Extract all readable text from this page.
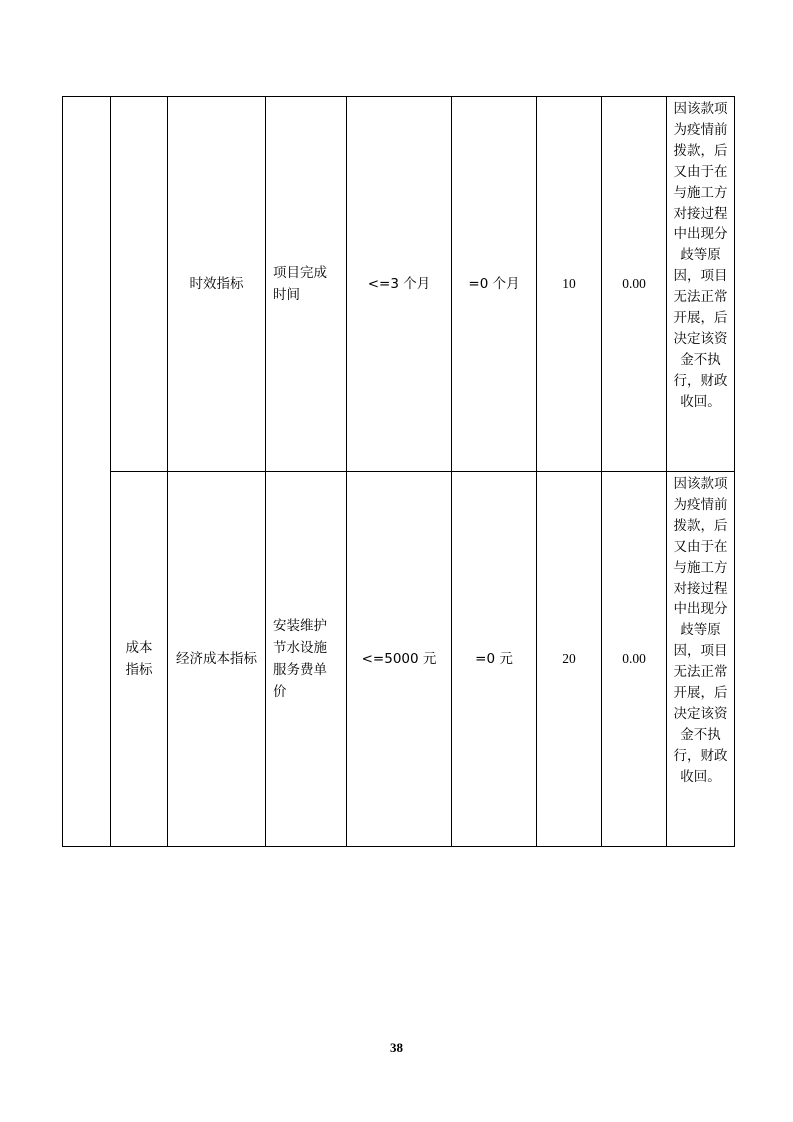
		时效指标	项目完成时间	<=3 个月	=0 个月	10	0.00	因该款项为疫情前拨款，后又由于在与施工方对接过程中出现分歧等原因，项目无法正常开展，后决定该资金不执行，财政收回。

	成本指标	经济成本指标	安装维护节水设施服务费单价	<=5000 元	=0 元	20	0.00	因该款项为疫情前拨款，后又由于在与施工方对接过程中出现分歧等原因，项目无法正常开展，后决定该资金不执行，财政收回。
38
